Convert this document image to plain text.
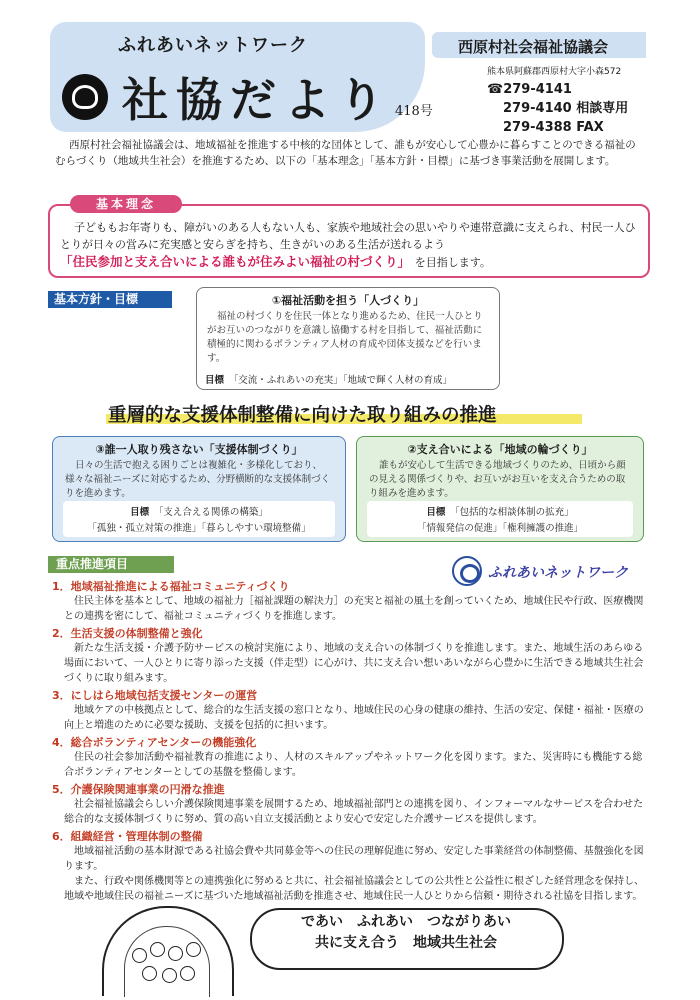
ふれあいネットワーク
社協だより 418号
西原村社会福祉協議会
熊本県阿蘇郡西原村大字小森572
☎279-4141
279-4140 相談専用
279-4388 FAX
西原村社会福祉協議会は、地域福祉を推進する中核的な団体として、誰もが安心して心豊かに暮らすことのできる福祉のむらづくり（地域共生社会）を推進するため、以下の「基本理念」「基本方針・目標」に基づき事業活動を展開します。
基本理念
子どももお年寄りも、障がいのある人もない人も、家族や地域社会の思いやりや連帯意識に支えられ、村民一人ひとりが日々の営みに充実感と安らぎを持ち、生きがいのある生活が送れるよう
「住民参加と支え合いによる誰もが住みよい福祉の村づくり」　 を目指します。
基本方針・目標	①福祉活動を担う「人づくり」
福祉の村づくりを住民一体となり進めるため、住民一人ひとりがお互いのつながりを意識し協働する村を目指して、福祉活動に積極的に関わるボランティア人材の育成や団体支援などを行います。
目標　 「交流・ふれあいの充実」「地域で輝く人材の育成」
重層的な支援体制整備に向けた取り組みの推進
③誰一人取り残さない「支援体制づくり」
日々の生活で抱える困りごとは複雑化・多様化しており、様々な福祉ニーズに対応するため、分野横断的な支援体制づくりを進めます。
目標　 「支え合える関係の構築」
「孤独・孤立対策の推進」「暮らしやすい環境整備」
②支え合いによる「地域の輪づくり」
誰もが安心して生活できる地域づくりのため、日頃から顔の見える関係づくりや、お互いがお互いを支え合うための取り組みを進めます。
目標　 「包括的な相談体制の拡充」
「情報発信の促進」「権利擁護の推進」
重点推進項目
ふれあいネットワーク
1．地域福祉推進による福祉コミュニティづくり
住民主体を基本として、地域の福祉力［福祉課題の解決力］の充実と福祉の風土を創っていくため、地域住民や行政、医療機関との連携を密にして、福祉コミュニティづくりを推進します。
2．生活支援の体制整備と強化
新たな生活支援・介護予防サービスの検討実施により、地域の支え合いの体制づくりを推進します。また、地域生活のあらゆる場面において、一人ひとりに寄り添った支援（伴走型）に心がけ、共に支え合い想いあいながら心豊かに生活できる地域共生社会づくりに取り組みます。
3．にしはら地域包括支援センターの運営
地域ケアの中核拠点として、総合的な生活支援の窓口となり、地域住民の心身の健康の維持、生活の安定、保健・福祉・医療の向上と増進のために必要な援助、支援を包括的に担います。
4．総合ボランティアセンターの機能強化
住民の社会参加活動や福祉教育の推進により、人材のスキルアップやネットワーク化を図ります。また、災害時にも機能する総合ボランティアセンターとしての基盤を整備します。
5．介護保険関連事業の円滑な推進
社会福祉協議会らしい介護保険関連事業を展開するため、地域福祉部門との連携を図り、インフォーマルなサービスを合わせた総合的な支援体制づくりに努め、質の高い自立支援活動とより安心で安定した介護サービスを提供します。
6．組織経営・管理体制の整備
地域福祉活動の基本財源である社協会費や共同募金等への住民の理解促進に努め、安定した事業経営の体制整備、基盤強化を図ります。
また、行政や関係機関等との連携強化に努めると共に、社会福祉協議会としての公共性と公益性に根ざした経営理念を保持し、地域や地域住民の福祉ニーズに基づいた地域福祉活動を推進させ、地域住民一人ひとりから信頼・期待される社協を目指します。
であい　ふれあい　つながりあい
共に支え合う　地域共生社会
